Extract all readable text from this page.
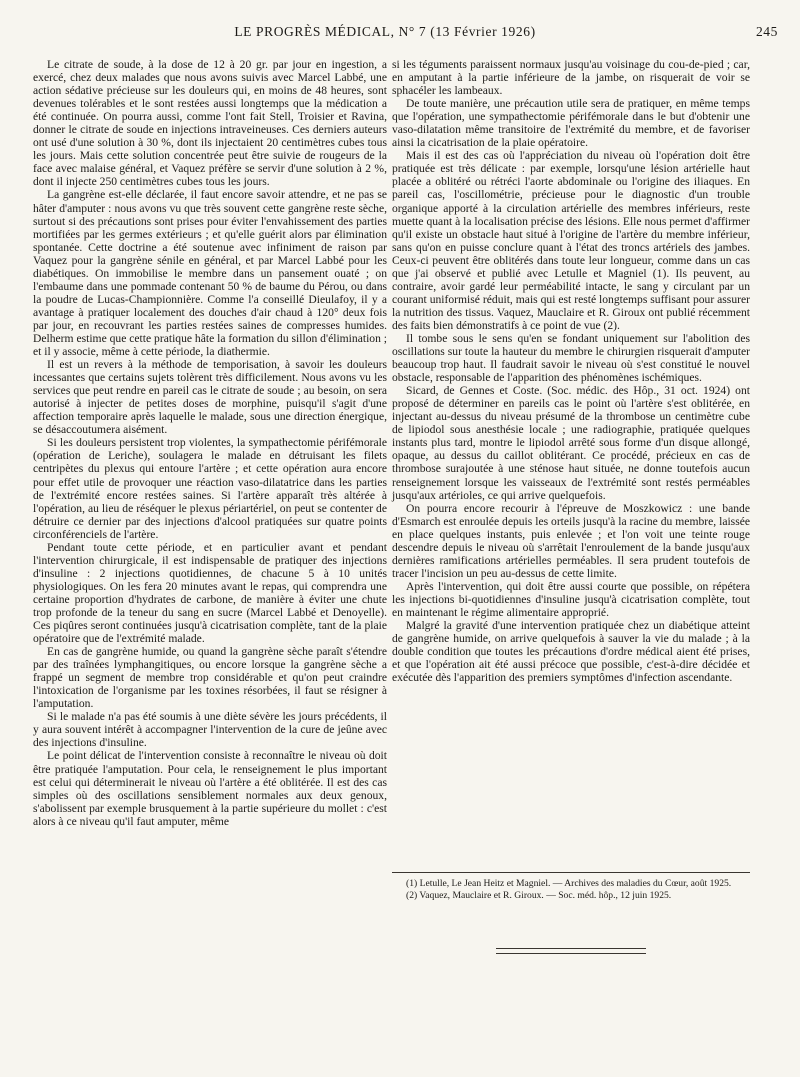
LE PROGRÈS MÉDICAL, N° 7 (13 Février 1926)	245

Le citrate de soude, à la dose de 12 à 20 gr. par jour en ingestion, a exercé, chez deux malades que nous avons suivis avec Marcel Labbé, une action sédative précieuse sur les douleurs qui, en moins de 48 heures, sont devenues tolérables et le sont restées aussi longtemps que la médication a été continuée. On pourra aussi, comme l'ont fait Stell, Troisier et Ravina, donner le citrate de soude en injections intraveineuses. Ces derniers auteurs ont usé d'une solution à 30 %, dont ils injectaient 20 centimètres cubes tous les jours. Mais cette solution concentrée peut être suivie de rougeurs de la face avec malaise général, et Vaquez préfère se servir d'une solution à 2 %, dont il injecte 250 centimètres cubes tous les jours.

La gangrène est-elle déclarée, il faut encore savoir attendre, et ne pas se hâter d'amputer : nous avons vu que très souvent cette gangrène reste sèche, surtout si des précautions sont prises pour éviter l'envahissement des parties mortifiées par les germes extérieurs ; et qu'elle guérit alors par élimination spontanée. Cette doctrine a été soutenue avec infiniment de raison par Vaquez pour la gangrène sénile en général, et par Marcel Labbé pour les diabétiques. On immobilise le membre dans un pansement ouaté ; on l'embaume dans une pommade contenant 50 % de baume du Pérou, ou dans la poudre de Lucas-Championnière. Comme l'a conseillé Dieulafoy, il y a avantage à pratiquer localement des douches d'air chaud à 120° deux fois par jour, en recouvrant les parties restées saines de compresses humides. Delherm estime que cette pratique hâte la formation du sillon d'élimination ; et il y associe, même à cette période, la diathermie.

Il est un revers à la méthode de temporisation, à savoir les douleurs incessantes que certains sujets tolèrent très difficilement. Nous avons vu les services que peut rendre en pareil cas le citrate de soude ; au besoin, on sera autorisé à injecter de petites doses de morphine, puisqu'il s'agit d'une affection temporaire après laquelle le malade, sous une direction énergique, se désaccoutumera aisément.

Si les douleurs persistent trop violentes, la sympathectomie périfémorale (opération de Leriche), soulagera le malade en détruisant les filets centripètes du plexus qui entoure l'artère ; et cette opération aura encore pour effet utile de provoquer une réaction vaso-dilatatrice dans les parties de l'extrémité encore restées saines. Si l'artère apparaît très altérée à l'opération, au lieu de réséquer le plexus périartériel, on peut se contenter de détruire ce dernier par des injections d'alcool pratiquées sur quatre points circonférenciels de l'artère.

Pendant toute cette période, et en particulier avant et pendant l'intervention chirurgicale, il est indispensable de pratiquer des injections d'insuline : 2 injections quotidiennes, de chacune 5 à 10 unités physiologiques. On les fera 20 minutes avant le repas, qui comprendra une certaine proportion d'hydrates de carbone, de manière à éviter une chute trop profonde de la teneur du sang en sucre (Marcel Labbé et Denoyelle). Ces piqûres seront continuées jusqu'à cicatrisation complète, tant de la plaie opératoire que de l'extrémité malade.

En cas de gangrène humide, ou quand la gangrène sèche paraît s'étendre par des traînées lymphangitiques, ou encore lorsque la gangrène sèche a frappé un segment de membre trop considérable et qu'on peut craindre l'intoxication de l'organisme par les toxines résorbées, il faut se résigner à l'amputation.

Si le malade n'a pas été soumis à une diète sévère les jours précédents, il y aura souvent intérêt à accompagner l'intervention de la cure de jeûne avec des injections d'insuline.

Le point délicat de l'intervention consiste à reconnaître le niveau où doit être pratiquée l'amputation. Pour cela, le renseignement le plus important est celui qui déterminerait le niveau où l'artère a été oblitérée. Il est des cas simples où des oscillations sensiblement normales aux deux genoux, s'abolissent par exemple brusquement à la partie supérieure du mollet : c'est alors à ce niveau qu'il faut amputer, même

si les téguments paraissent normaux jusqu'au voisinage du cou-de-pied ; car, en amputant à la partie inférieure de la jambe, on risquerait de voir se sphacéler les lambeaux.

De toute manière, une précaution utile sera de pratiquer, en même temps que l'opération, une sympathectomie périfémorale dans le but d'obtenir une vaso-dilatation même transitoire de l'extrémité du membre, et de favoriser ainsi la cicatrisation de la plaie opératoire.

Mais il est des cas où l'appréciation du niveau où l'opération doit être pratiquée est très délicate : par exemple, lorsqu'une lésion artérielle haut placée a oblitéré ou rétréci l'aorte abdominale ou l'origine des iliaques. En pareil cas, l'oscillométrie, précieuse pour le diagnostic d'un trouble organique apporté à la circulation artérielle des membres inférieurs, reste muette quant à la localisation précise des lésions. Elle nous permet d'affirmer qu'il existe un obstacle haut situé à l'origine de l'artère du membre inférieur, sans qu'on en puisse conclure quant à l'état des troncs artériels des jambes. Ceux-ci peuvent être oblitérés dans toute leur longueur, comme dans un cas que j'ai observé et publié avec Letulle et Magniel (1). Ils peuvent, au contraire, avoir gardé leur perméabilité intacte, le sang y circulant par un courant uniformisé réduit, mais qui est resté longtemps suffisant pour assurer la nutrition des tissus. Vaquez, Mauclaire et R. Giroux ont publié récemment des faits bien démonstratifs à ce point de vue (2).

Il tombe sous le sens qu'en se fondant uniquement sur l'abolition des oscillations sur toute la hauteur du membre le chirurgien risquerait d'amputer beaucoup trop haut. Il faudrait savoir le niveau où s'est constitué le nouvel obstacle, responsable de l'apparition des phénomènes ischémiques.

Sicard, de Gennes et Coste. (Soc. médic. des Hôp., 31 oct. 1924) ont proposé de déterminer en pareils cas le point où l'artère s'est oblitérée, en injectant au-dessus du niveau présumé de la thrombose un centimètre cube de lipiodol sous anesthésie locale ; une radiographie, pratiquée quelques instants plus tard, montre le lipiodol arrêté sous forme d'un disque allongé, opaque, au dessus du caillot oblitérant. Ce procédé, précieux en cas de thrombose surajoutée à une sténose haut située, ne donne toutefois aucun renseignement lorsque les vaisseaux de l'extrémité sont restés perméables jusqu'aux artérioles, ce qui arrive quelquefois.

On pourra encore recourir à l'épreuve de Moszkowicz : une bande d'Esmarch est enroulée depuis les orteils jusqu'à la racine du membre, laissée en place quelques instants, puis enlevée ; et l'on voit une teinte rouge descendre depuis le niveau où s'arrêtait l'enroulement de la bande jusqu'aux dernières ramifications artérielles perméables. Il sera prudent toutefois de tracer l'incision un peu au-dessus de cette limite.

Après l'intervention, qui doit être aussi courte que possible, on répétera les injections bi-quotidiennes d'insuline jusqu'à cicatrisation complète, tout en maintenant le régime alimentaire approprié.

Malgré la gravité d'une intervention pratiquée chez un diabétique atteint de gangrène humide, on arrive quelquefois à sauver la vie du malade ; à la double condition que toutes les précautions d'ordre médical aient été prises, et que l'opération ait été aussi précoce que possible, c'est-à-dire décidée et exécutée dès l'apparition des premiers symptômes d'infection ascendante.

(1) Letulle, Le Jean Heitz et Magniel. — Archives des maladies du Cœur, août 1925.

(2) Vaquez, Mauclaire et R. Giroux. — Soc. méd. hôp., 12 juin 1925.
